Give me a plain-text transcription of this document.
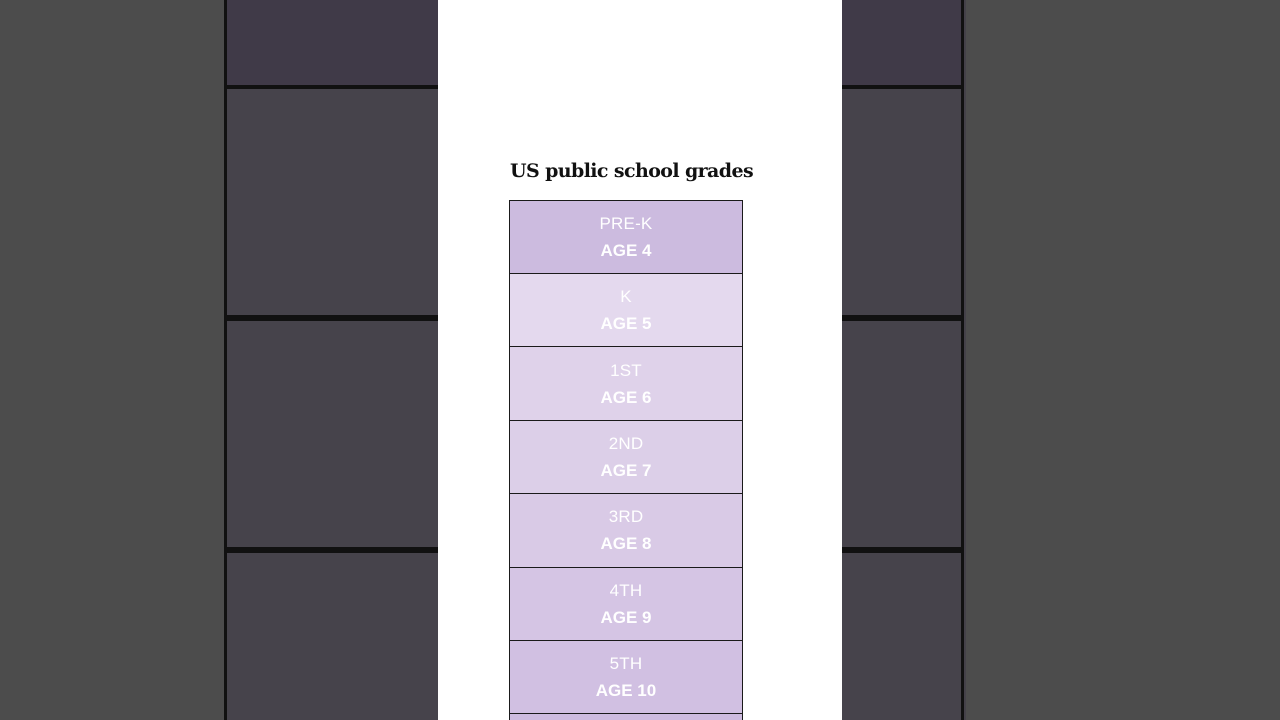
US public school grades
PRE-K
AGE 4
K
AGE 5
1ST
AGE 6
2ND
AGE 7
3RD
AGE 8
4TH
AGE 9
5TH
AGE 10
